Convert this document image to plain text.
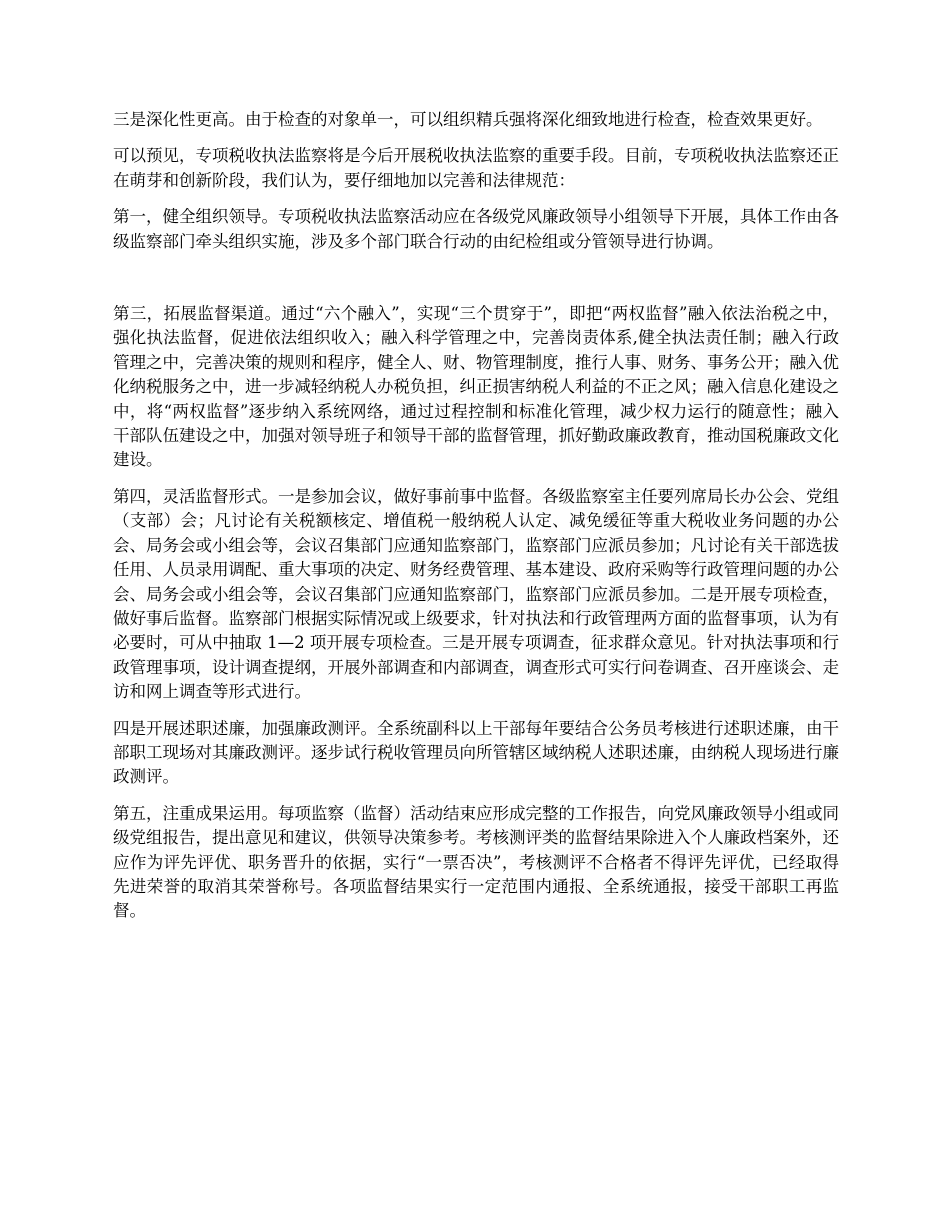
三是深化性更高。由于检查的对象单一，可以组织精兵强将深化细致地进行检查，检查效果更好。

可以预见，专项税收执法监察将是今后开展税收执法监察的重要手段。目前，专项税收执法监察还正在萌芽和创新阶段，我们认为，要仔细地加以完善和法律规范：

第一，健全组织领导。专项税收执法监察活动应在各级党风廉政领导小组领导下开展，具体工作由各级监察部门牵头组织实施，涉及多个部门联合行动的由纪检组或分管领导进行协调。

第三，拓展监督渠道。通过“六个融入”，实现“三个贯穿于”，即把“两权监督”融入依法治税之中，强化执法监督，促进依法组织收入；融入科学管理之中，完善岗责体系,健全执法责任制；融入行政管理之中，完善决策的规则和程序，健全人、财、物管理制度，推行人事、财务、事务公开；融入优化纳税服务之中，进一步减轻纳税人办税负担，纠正损害纳税人利益的不正之风；融入信息化建设之中，将“两权监督”逐步纳入系统网络，通过过程控制和标准化管理，减少权力运行的随意性；融入干部队伍建设之中，加强对领导班子和领导干部的监督管理，抓好勤政廉政教育，推动国税廉政文化建设。

第四，灵活监督形式。一是参加会议，做好事前事中监督。各级监察室主任要列席局长办公会、党组（支部）会；凡讨论有关税额核定、增值税一般纳税人认定、减免缓征等重大税收业务问题的办公会、局务会或小组会等，会议召集部门应通知监察部门，监察部门应派员参加；凡讨论有关干部选拔任用、人员录用调配、重大事项的决定、财务经费管理、基本建设、政府采购等行政管理问题的办公会、局务会或小组会等，会议召集部门应通知监察部门，监察部门应派员参加。二是开展专项检查，做好事后监督。监察部门根据实际情况或上级要求，针对执法和行政管理两方面的监督事项，认为有必要时，可从中抽取 1—2 项开展专项检查。三是开展专项调查，征求群众意见。针对执法事项和行政管理事项，设计调查提纲，开展外部调查和内部调查，调查形式可实行问卷调查、召开座谈会、走访和网上调查等形式进行。

四是开展述职述廉，加强廉政测评。全系统副科以上干部每年要结合公务员考核进行述职述廉，由干部职工现场对其廉政测评。逐步试行税收管理员向所管辖区域纳税人述职述廉，由纳税人现场进行廉政测评。

第五，注重成果运用。每项监察（监督）活动结束应形成完整的工作报告，向党风廉政领导小组或同级党组报告，提出意见和建议，供领导决策参考。考核测评类的监督结果除进入个人廉政档案外，还应作为评先评优、职务晋升的依据，实行“一票否决”，考核测评不合格者不得评先评优，已经取得先进荣誉的取消其荣誉称号。各项监督结果实行一定范围内通报、全系统通报，接受干部职工再监督。
